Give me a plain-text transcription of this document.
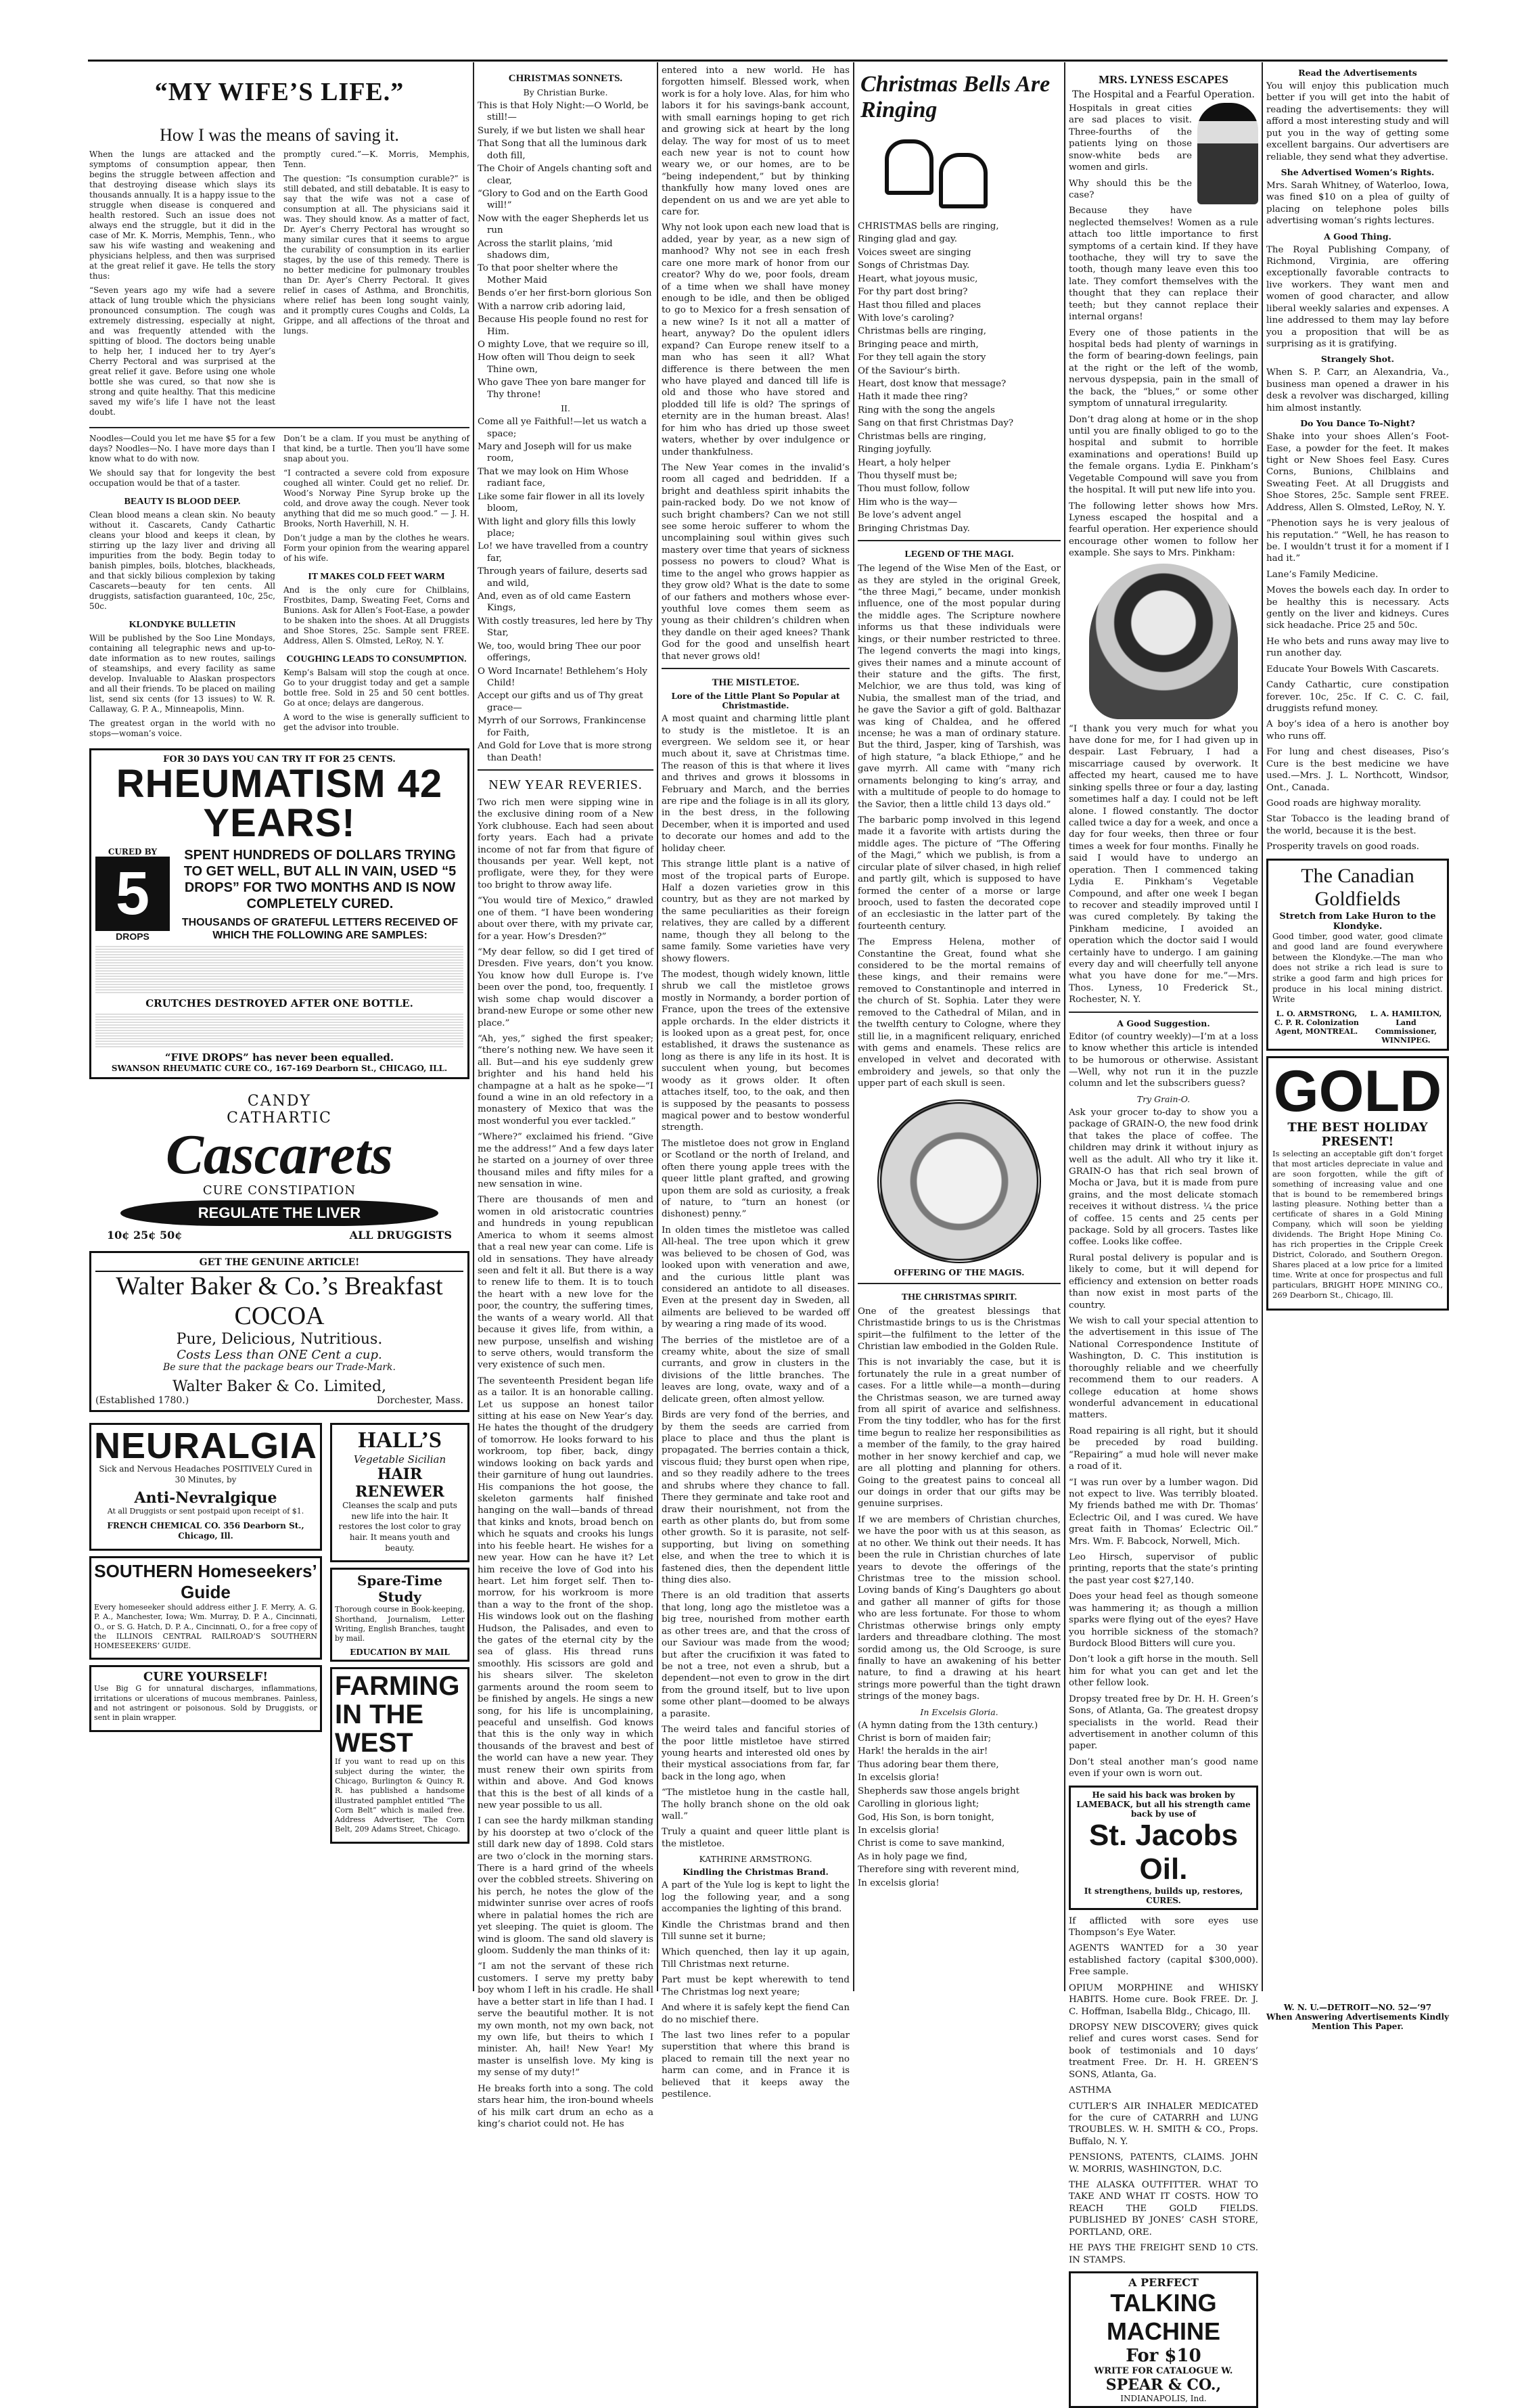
“MY WIFE’S LIFE.”
How I was the means of saving it.

When the lungs are attacked and the symptoms of consumption appear, then begins the struggle between affection and that destroying disease which slays its thousands annually. It is a happy issue to the struggle when disease is conquered and health restored. Such an issue does not always end the struggle, but it did in the case of Mr. K. Morris, Memphis, Tenn., who saw his wife wasting and weakening and physicians helpless, and then was surprised at the great relief it gave. He tells the story thus:

“Seven years ago my wife had a severe attack of lung trouble which the physicians pronounced consumption. The cough was extremely distressing, especially at night, and was frequently attended with the spitting of blood. The doctors being unable to help her, I induced her to try Ayer’s Cherry Pectoral and was surprised at the great relief it gave. Before using one whole bottle she was cured, so that now she is strong and quite healthy. That this medicine saved my wife’s life I have not the least doubt.

promptly cured.”—K. Morris, Memphis, Tenn.

The question: “Is consumption curable?” is still debated, and still debatable. It is easy to say that the wife was not a case of consumption at all. The physicians said it was. They should know. As a matter of fact, Dr. Ayer’s Cherry Pectoral has wrought so many similar cures that it seems to argue the curability of consumption in its earlier stages, by the use of this remedy. There is no better medicine for pulmonary troubles than Dr. Ayer’s Cherry Pectoral. It gives relief in cases of Asthma, and Bronchitis, where relief has been long sought vainly, and it promptly cures Coughs and Colds, La Grippe, and all affections of the throat and lungs.

Noodles—Could you let me have $5 for a few days? Noodles—No. I have more days than I know what to do with now.

We should say that for longevity the best occupation would be that of a taster.

BEAUTY IS BLOOD DEEP.

Clean blood means a clean skin. No beauty without it. Cascarets, Candy Cathartic cleans your blood and keeps it clean, by stirring up the lazy liver and driving all impurities from the body. Begin today to banish pimples, boils, blotches, blackheads, and that sickly bilious complexion by taking Cascarets—beauty for ten cents. All druggists, satisfaction guaranteed, 10c, 25c, 50c.

KLONDYKE BULLETIN

Will be published by the Soo Line Mondays, containing all telegraphic news and up-to-date information as to new routes, sailings of steamships, and every facility as same develop. Invaluable to Alaskan prospectors and all their friends. To be placed on mailing list, send six cents (for 13 issues) to W. R. Callaway, G. P. A., Minneapolis, Minn.

The greatest organ in the world with no stops—woman’s voice.

Don’t be a clam. If you must be anything of that kind, be a turtle. Then you’ll have some snap about you.

“I contracted a severe cold from exposure coughed all winter. Could get no relief. Dr. Wood’s Norway Pine Syrup broke up the cold, and drove away the cough. Never took anything that did me so much good.” — J. H. Brooks, North Haverhill, N. H.

Don’t judge a man by the clothes he wears. Form your opinion from the wearing apparel of his wife.

IT MAKES COLD FEET WARM

And is the only cure for Chilblains, Frostbites, Damp, Sweating Feet, Corns and Bunions. Ask for Allen’s Foot-Ease, a powder to be shaken into the shoes. At all Druggists and Shoe Stores, 25c. Sample sent FREE. Address, Allen S. Olmsted, LeRoy, N. Y.

COUGHING LEADS TO CONSUMPTION.

Kemp’s Balsam will stop the cough at once. Go to your druggist today and get a sample bottle free. Sold in 25 and 50 cent bottles. Go at once; delays are dangerous.

A word to the wise is generally sufficient to get the advisor into trouble.

FOR 30 DAYS YOU CAN TRY IT FOR 25 CENTS.
RHEUMATISM 42 YEARS!
CURED BY
5
DROPS
SPENT HUNDREDS OF DOLLARS TRYING TO GET WELL, BUT ALL IN VAIN, USED “5 DROPS” FOR TWO MONTHS AND IS NOW COMPLETELY CURED.
THOUSANDS OF GRATEFUL LETTERS RECEIVED OF WHICH THE FOLLOWING ARE SAMPLES:
CRUTCHES DESTROYED AFTER ONE BOTTLE.
“FIVE DROPS” has never been equalled.
SWANSON RHEUMATIC CURE CO., 167-169 Dearborn St., CHICAGO, ILL.
CANDY
CATHARTIC
Cascarets
CURE CONSTIPATION
REGULATE THE LIVER
10¢ 25¢ 50¢	ALL DRUGGISTS
GET THE GENUINE ARTICLE!
Walter Baker & Co.’s Breakfast COCOA
Pure, Delicious, Nutritious.
Costs Less than ONE Cent a cup.
Be sure that the package bears our Trade-Mark.
Walter Baker & Co. Limited,
(Established 1780.)	Dorchester, Mass.
NEURALGIA

Sick and Nervous Headaches POSITIVELY Cured in 30 Minutes, by

Anti-Nevralgique

At all Druggists or sent postpaid upon receipt of $1.

FRENCH CHEMICAL CO. 356 Dearborn St., Chicago, Ill.

SOUTHERN Homeseekers’ Guide

Every homeseeker should address either J. F. Merry, A. G. P. A., Manchester, Iowa; Wm. Murray, D. P. A., Cincinnati, O., or S. G. Hatch, D. P. A., Cincinnati, O., for a free copy of the ILLINOIS CENTRAL RAILROAD’S SOUTHERN HOMESEEKERS’ GUIDE.

CURE YOURSELF!

Use Big G for unnatural discharges, inflammations, irritations or ulcerations of mucous membranes. Painless, and not astringent or poisonous. Sold by Druggists, or sent in plain wrapper.

HALL’S
Vegetable Sicilian
HAIR RENEWER

Cleanses the scalp and puts new life into the hair. It restores the lost color to gray hair. It means youth and beauty.

Spare-Time Study

Thorough course in Book-keeping, Shorthand, Journalism, Letter Writing, English Branches, taught by mail.

EDUCATION BY MAIL
FARMING IN THE WEST

If you want to read up on this subject during the winter, the Chicago, Burlington & Quincy R. R. has published a handsome illustrated pamphlet entitled “The Corn Belt” which is mailed free. Address Advertiser, The Corn Belt, 209 Adams Street, Chicago.

CHRISTMAS SONNETS.
By Christian Burke.

This is that Holy Night:—O World, be still!—

Surely, if we but listen we shall hear

That Song that all the luminous dark doth fill,

The Choir of Angels chanting soft and clear,

“Glory to God and on the Earth Good will!”

Now with the eager Shepherds let us run

Across the starlit plains, ’mid shadows dim,

To that poor shelter where the Mother Maid

Bends o’er her first-born glorious Son

With a narrow crib adoring laid,

Because His people found no rest for Him.

O mighty Love, that we require so ill,

How often will Thou deign to seek Thine own,

Who gave Thee yon bare manger for Thy throne!

II.

Come all ye Faithful!—let us watch a space;

Mary and Joseph will for us make room,

That we may look on Him Whose radiant face,

Like some fair flower in all its lovely bloom,

With light and glory fills this lowly place;

Lo! we have travelled from a country far,

Through years of failure, deserts sad and wild,

And, even as of old came Eastern Kings,

With costly treasures, led here by Thy Star,

We, too, would bring Thee our poor offerings,

O Word Incarnate! Bethlehem’s Holy Child!

Accept our gifts and us of Thy great grace—

Myrrh of our Sorrows, Frankincense for Faith,

And Gold for Love that is more strong than Death!

NEW YEAR REVERIES.

Two rich men were sipping wine in the exclusive dining room of a New York clubhouse. Each had seen about forty years. Each had a private income of not far from that figure of thousands per year. Well kept, not profligate, were they, for they were too bright to throw away life.

“You would tire of Mexico,” drawled one of them. “I have been wondering about over there, with my private car, for a year. How’s Dresden?”

“My dear fellow, so did I get tired of Dresden. Five years, don’t you know. You know how dull Europe is. I’ve been over the pond, too, frequently. I wish some chap would discover a brand-new Europe or some other new place.”

“Ah, yes,” sighed the first speaker; “there’s nothing new. We have seen it all. But—and his eye suddenly grew brighter and his hand held his champagne at a halt as he spoke—“I found a wine in an old refectory in a monastery of Mexico that was the most wonderful you ever tackled.”

“Where?” exclaimed his friend. “Give me the address!” And a few days later he started on a journey of over three thousand miles and fifty miles for a new sensation in wine.

There are thousands of men and women in old aristocratic countries and hundreds in young republican America to whom it seems almost that a real new year can come. Life is old in sensations. They have already seen and felt it all. But there is a way to renew life to them. It is to touch the heart with a new love for the poor, the country, the suffering times, the wants of a weary world. All that because it gives life, from within, a new purpose, unselfish and wishing to serve others, would transform the very existence of such men.

The seventeenth President began life as a tailor. It is an honorable calling. Let us suppose an honest tailor sitting at his ease on New Year’s day. He hates the thought of the drudgery of tomorrow. He looks forward to his workroom, top fiber, back, dingy windows looking on back yards and their garniture of hung out laundries. His companions the hot goose, the skeleton garments half finished hanging on the wall—bands of thread that kinks and knots, broad bench on which he squats and crooks his lungs into his feeble heart. He wishes for a new year. How can he have it? Let him receive the love of God into his heart. Let him forget self. Then to-morrow, for his workroom is more than a way to the front of the shop. His windows look out on the flashing Hudson, the Palisades, and even to the gates of the eternal city by the sea of glass. His thread runs smoothly. His scissors are gold and his shears silver. The skeleton garments around the room seem to be finished by angels. He sings a new song, for his life is uncomplaining, peaceful and unselfish. God knows that this is the only way in which thousands of the bravest and best of the world can have a new year. They must renew their own spirits from within and above. And God knows that this is the best of all kinds of a new year possible to us all.

I can see the hardy milkman standing by his doorstep at two o’clock of the still dark new day of 1898. Cold stars are two o’clock in the morning stars. There is a hard grind of the wheels over the cobbled streets. Shivering on his perch, he notes the glow of the midwinter sunrise over acres of roofs where in palatial homes the rich are yet sleeping. The quiet is gloom. The wind is gloom. The sand old slavery is gloom. Suddenly the man thinks of it:

“I am not the servant of these rich customers. I serve my pretty baby boy whom I left in his cradle. He shall have a better start in life than I had. I serve the beautiful mother. It is not my own month, not my own back, not my own life, but theirs to which I minister. Ah, hail! New Year! My master is unselfish love. My king is my sense of my duty!”

He breaks forth into a song. The cold stars hear him, the iron-bound wheels of his milk cart drum an echo as a king’s chariot could not. He has

entered into a new world. He has forgotten himself. Blessed work, when work is for a holy love. Alas, for him who labors it for his savings-bank account, with small earnings hoping to get rich and growing sick at heart by the long delay. The way for most of us to meet each new year is not to count how weary we, or our homes, are to be “being independent,” but by thinking thankfully how many loved ones are dependent on us and we are yet able to care for.

Why not look upon each new load that is added, year by year, as a new sign of manhood? Why not see in each fresh care one more mark of honor from our creator? Why do we, poor fools, dream of a time when we shall have money enough to be idle, and then be obliged to go to Mexico for a fresh sensation of a new wine? Is it not all a matter of heart, anyway? Do the opulent idlers expand? Can Europe renew itself to a man who has seen it all? What difference is there between the men who have played and danced till life is old and those who have stored and plodded till life is old? The springs of eternity are in the human breast. Alas! for him who has dried up those sweet waters, whether by over indulgence or under thankfulness.

The New Year comes in the invalid’s room all caged and bedridden. If a bright and deathless spirit inhabits the pain-racked body. Do we not know of such bright chambers? Can we not still see some heroic sufferer to whom the uncomplaining soul within gives such mastery over time that years of sickness possess no powers to cloud? What is time to the angel who grows happier as they grow old? What is the date to some of our fathers and mothers whose ever-youthful love comes them seem as young as their children’s children when they dandle on their aged knees? Thank God for the good and unselfish heart that never grows old!

THE MISTLETOE.
Lore of the Little Plant So Popular at Christmastide.

A most quaint and charming little plant to study is the mistletoe. It is an evergreen. We seldom see it, or hear much about it, save at Christmas time. The reason of this is that where it lives and thrives and grows it blossoms in February and March, and the berries are ripe and the foliage is in all its glory, in the best dress, in the following December, when it is imported and used to decorate our homes and add to the holiday cheer.

This strange little plant is a native of most of the tropical parts of Europe. Half a dozen varieties grow in this country, but as they are not marked by the same peculiarities as their foreign relatives, they are called by a different name, though they all belong to the same family. Some varieties have very showy flowers.

The modest, though widely known, little shrub we call the mistletoe grows mostly in Normandy, a border portion of France, upon the trees of the extensive apple orchards. In the elder districts it is looked upon as a great pest, for, once established, it draws the sustenance as long as there is any life in its host. It is succulent when young, but becomes woody as it grows older. It often attaches itself, too, to the oak, and then is supposed by the peasants to possess magical power and to bestow wonderful strength.

The mistletoe does not grow in England or Scotland or the north of Ireland, and often there young apple trees with the queer little plant grafted, and growing upon them are sold as curiosity, a freak of nature, to “turn an honest (or dishonest) penny.”

In olden times the mistletoe was called All-heal. The tree upon which it grew was believed to be chosen of God, was looked upon with veneration and awe, and the curious little plant was considered an antidote to all diseases. Even at the present day in Sweden, all ailments are believed to be warded off by wearing a ring made of its wood.

The berries of the mistletoe are of a creamy white, about the size of small currants, and grow in clusters in the divisions of the little branches. The leaves are long, ovate, waxy and of a delicate green, often almost yellow.

Birds are very fond of the berries, and by them the seeds are carried from place to place and thus the plant is propagated. The berries contain a thick, viscous fluid; they burst open when ripe, and so they readily adhere to the trees and shrubs where they chance to fall. There they germinate and take root and draw their nourishment, not from the earth as other plants do, but from some other growth. So it is parasite, not self-supporting, but living on something else, and when the tree to which it is fastened dies, then the dependent little thing dies also.

There is an old tradition that asserts that long, long ago the mistletoe was a big tree, nourished from mother earth as other trees are, and that the cross of our Saviour was made from the wood; but after the crucifixion it was fated to be not a tree, not even a shrub, but a dependent—not even to grow in the dirt from the ground itself, but to live upon some other plant—doomed to be always a parasite.

The weird tales and fanciful stories of the poor little mistletoe have stirred young hearts and interested old ones by their mystical associations from far, far back in the long ago, when

“The mistletoe hung in the castle hall, The holly branch shone on the old oak wall.”

Truly a quaint and queer little plant is the mistletoe.

KATHRINE ARMSTRONG.
Kindling the Christmas Brand.

A part of the Yule log is kept to light the log the following year, and a song accompanies the lighting of this brand.

Kindle the Christmas brand and then Till sunne set it burne;

Which quenched, then lay it up again, Till Christmas next returne.

Part must be kept wherewith to tend The Christmas log next yeare;

And where it is safely kept the fiend Can do no mischief there.

The last two lines refer to a popular superstition that where this brand is placed to remain till the next year no harm can come, and in France it is believed that it keeps away the pestilence.

Christmas Bells Are Ringing

CHRISTMAS bells are ringing,

Ringing glad and gay.

Voices sweet are singing

Songs of Christmas Day.

Heart, what joyous music,

For thy part dost bring?

Hast thou filled and places

With love’s caroling?

Christmas bells are ringing,

Bringing peace and mirth,

For they tell again the story

Of the Saviour’s birth.

Heart, dost know that message?

Hath it made thee ring?

Ring with the song the angels

Sang on that first Christmas Day?

Christmas bells are ringing,

Ringing joyfully.

Heart, a holy helper

Thou thyself must be;

Thou must follow, follow

Him who is the way—

Be love’s advent angel

Bringing Christmas Day.

LEGEND OF THE MAGI.

The legend of the Wise Men of the East, or as they are styled in the original Greek, “the three Magi,” became, under monkish influence, one of the most popular during the middle ages. The Scripture nowhere informs us that these individuals were kings, or their number restricted to three. The legend converts the magi into kings, gives their names and a minute account of their stature and the gifts. The first, Melchior, we are thus told, was king of Nubia, the smallest man of the triad, and he gave the Savior a gift of gold. Balthazar was king of Chaldea, and he offered incense; he was a man of ordinary stature. But the third, Jasper, king of Tarshish, was of high stature, “a black Ethiope,” and he gave myrrh. All came with “many rich ornaments belonging to king’s array, and with a multitude of people to do homage to the Savior, then a little child 13 days old.”

The barbaric pomp involved in this legend made it a favorite with artists during the middle ages. The picture of “The Offering of the Magi,” which we publish, is from a circular plate of silver chased, in high relief and partly gilt, which is supposed to have formed the center of a morse or large brooch, used to fasten the decorated cope of an ecclesiastic in the latter part of the fourteenth century.

The Empress Helena, mother of Constantine the Great, found what she considered to be the mortal remains of these kings, and their remains were removed to Constantinople and interred in the church of St. Sophia. Later they were removed to the Cathedral of Milan, and in the twelfth century to Cologne, where they still lie, in a magnificent reliquary, enriched with gems and enamels. These relics are enveloped in velvet and decorated with embroidery and jewels, so that only the upper part of each skull is seen.

OFFERING OF THE MAGIS.
THE CHRISTMAS SPIRIT.

One of the greatest blessings that Christmastide brings to us is the Christmas spirit—the fulfilment to the letter of the Christian law embodied in the Golden Rule.

This is not invariably the case, but it is fortunately the rule in a great number of cases. For a little while—a month—during the Christmas season, we are turned away from all spirit of avarice and selfishness. From the tiny toddler, who has for the first time begun to realize her responsibilities as a member of the family, to the gray haired mother in her snowy kerchief and cap, we are all plotting and planning for others. Going to the greatest pains to conceal all our doings in order that our gifts may be genuine surprises.

If we are members of Christian churches, we have the poor with us at this season, as at no other. We think out their needs. It has been the rule in Christian churches of late years to devote the offerings of the Christmas tree to the mission school. Loving bands of King’s Daughters go about and gather all manner of gifts for those who are less fortunate. For those to whom Christmas otherwise brings only empty larders and threadbare clothing. The most sordid among us, the Old Scrooge, is sure finally to have an awakening of his better nature, to find a drawing at his heart strings more powerful than the tight drawn strings of the money bags.

In Excelsis Gloria.

(A hymn dating from the 13th century.)

Christ is born of maiden fair;

Hark! the heralds in the air!

Thus adoring bear them there,

In excelsis gloria!

Shepherds saw those angels bright

Carolling in glorious light;

God, His Son, is born tonight,

In excelsis gloria!

Christ is come to save mankind,

As in holy page we find,

Therefore sing with reverent mind,

In excelsis gloria!

MRS. LYNESS ESCAPES
The Hospital and a Fearful Operation.

Hospitals in great cities are sad places to visit. Three-fourths of the patients lying on those snow-white beds are women and girls.

Why should this be the case?

Because they have neglected themselves! Women as a rule attach too little importance to first symptoms of a certain kind. If they have toothache, they will try to save the tooth, though many leave even this too late. They comfort themselves with the thought that they can replace their teeth; but they cannot replace their internal organs!

Every one of those patients in the hospital beds had plenty of warnings in the form of bearing-down feelings, pain at the right or the left of the womb, nervous dyspepsia, pain in the small of the back, the “blues,” or some other symptom of unnatural irregularity.

Don’t drag along at home or in the shop until you are finally obliged to go to the hospital and submit to horrible examinations and operations! Build up the female organs. Lydia E. Pinkham’s Vegetable Compound will save you from the hospital. It will put new life into you.

The following letter shows how Mrs. Lyness escaped the hospital and a fearful operation. Her experience should encourage other women to follow her example. She says to Mrs. Pinkham:

“I thank you very much for what you have done for me, for I had given up in despair. Last February, I had a miscarriage caused by overwork. It affected my heart, caused me to have sinking spells three or four a day, lasting sometimes half a day. I could not be left alone. I flowed constantly. The doctor called twice a day for a week, and once a day for four weeks, then three or four times a week for four months. Finally he said I would have to undergo an operation. Then I commenced taking Lydia E. Pinkham’s Vegetable Compound, and after one week I began to recover and steadily improved until I was cured completely. By taking the Pinkham medicine, I avoided an operation which the doctor said I would certainly have to undergo. I am gaining every day and will cheerfully tell anyone what you have done for me.”—Mrs. Thos. Lyness, 10 Frederick St., Rochester, N. Y.

A Good Suggestion.

Editor (of country weekly)—I’m at a loss to know whether this article is intended to be humorous or otherwise. Assistant—Well, why not run it in the puzzle column and let the subscribers guess?

Try Grain-O.

Ask your grocer to-day to show you a package of GRAIN-O, the new food drink that takes the place of coffee. The children may drink it without injury as well as the adult. All who try it like it. GRAIN-O has that rich seal brown of Mocha or Java, but it is made from pure grains, and the most delicate stomach receives it without distress. ¼ the price of coffee. 15 cents and 25 cents per package. Sold by all grocers. Tastes like coffee. Looks like coffee.

Rural postal delivery is popular and is likely to come, but it will depend for efficiency and extension on better roads than now exist in most parts of the country.

We wish to call your special attention to the advertisement in this issue of The National Correspondence Institute of Washington, D. C. This institution is thoroughly reliable and we cheerfully recommend them to our readers. A college education at home shows wonderful advancement in educational matters.

Road repairing is all right, but it should be preceded by road building. “Repairing” a mud hole will never make a road of it.

“I was run over by a lumber wagon. Did not expect to live. Was terribly bloated. My friends bathed me with Dr. Thomas’ Eclectric Oil, and I was cured. We have great faith in Thomas’ Eclectric Oil.” Mrs. Wm. F. Babcock, Norwell, Mich.

Leo Hirsch, supervisor of public printing, reports that the state’s printing the past year cost $27,140.

Does your head feel as though someone was hammering it; as though a million sparks were flying out of the eyes? Have you horrible sickness of the stomach? Burdock Blood Bitters will cure you.

Don’t look a gift horse in the mouth. Sell him for what you can get and let the other fellow look.

Dropsy treated free by Dr. H. H. Green’s Sons, of Atlanta, Ga. The greatest dropsy specialists in the world. Read their advertisement in another column of this paper.

Don’t steal another man’s good name even if your own is worn out.

He said his back was broken by LAMEBACK, but all his strength came back by use of
St. Jacobs Oil.
It strengthens, builds up, restores, CURES.

If afflicted with sore eyes use Thompson’s Eye Water.

AGENTS WANTED for a 30 year established factory (capital $300,000). Free sample.

OPIUM MORPHINE and WHISKY HABITS. Home cure. Book FREE. Dr. J. C. Hoffman, Isabella Bldg., Chicago, Ill.

DROPSY NEW DISCOVERY; gives quick relief and cures worst cases. Send for book of testimonials and 10 days’ treatment Free. Dr. H. H. GREEN’S SONS, Atlanta, Ga.

ASTHMA

CUTLER’S AIR INHALER MEDICATED for the cure of CATARRH and LUNG TROUBLES. W. H. SMITH & CO., Props. Buffalo, N. Y.

PENSIONS, PATENTS, CLAIMS. JOHN W. MORRIS, WASHINGTON, D.C.

THE ALASKA OUTFITTER. WHAT TO TAKE AND WHAT IT COSTS. HOW TO REACH THE GOLD FIELDS. PUBLISHED BY JONES’ CASH STORE, PORTLAND, ORE.

HE PAYS THE FREIGHT SEND 10 CTS. IN STAMPS.

A PERFECT
TALKING MACHINE
For $10
WRITE FOR CATALOGUE W.
SPEAR & CO.,
INDIANAPOLIS, Ind.
Read the Advertisements

You will enjoy this publication much better if you will get into the habit of reading the advertisements: they will afford a most interesting study and will put you in the way of getting some excellent bargains. Our advertisers are reliable, they send what they advertise.

She Advertised Women’s Rights.

Mrs. Sarah Whitney, of Waterloo, Iowa, was fined $10 on a plea of guilty of placing on telephone poles bills advertising woman’s rights lectures.

A Good Thing.

The Royal Publishing Company, of Richmond, Virginia, are offering exceptionally favorable contracts to live workers. They want men and women of good character, and allow liberal weekly salaries and expenses. A line addressed to them may lay before you a proposition that will be as surprising as it is gratifying.

Strangely Shot.

When S. P. Carr, an Alexandria, Va., business man opened a drawer in his desk a revolver was discharged, killing him almost instantly.

Do You Dance To-Night?

Shake into your shoes Allen’s Foot-Ease, a powder for the feet. It makes tight or New Shoes feel Easy. Cures Corns, Bunions, Chilblains and Sweating Feet. At all Druggists and Shoe Stores, 25c. Sample sent FREE. Address, Allen S. Olmsted, LeRoy, N. Y.

“Phenotion says he is very jealous of his reputation.” “Well, he has reason to be. I wouldn’t trust it for a moment if I had it.”

Lane’s Family Medicine.

Moves the bowels each day. In order to be healthy this is necessary. Acts gently on the liver and kidneys. Cures sick headache. Price 25 and 50c.

He who bets and runs away may live to run another day.

Educate Your Bowels With Cascarets.

Candy Cathartic, cure constipation forever. 10c, 25c. If C. C. C. fail, druggists refund money.

A boy’s idea of a hero is another boy who runs off.

For lung and chest diseases, Piso’s Cure is the best medicine we have used.—Mrs. J. L. Northcott, Windsor, Ont., Canada.

Good roads are highway morality.

Star Tobacco is the leading brand of the world, because it is the best.

Prosperity travels on good roads.

The Canadian Goldfields
Stretch from Lake Huron to the Klondyke.

Good timber, good water, good climate and good land are found everywhere between the Klondyke.—The man who does not strike a rich lead is sure to strike a good farm and high prices for produce in his local mining district. Write

L. O. ARMSTRONG, C. P. R. Colonization Agent, MONTREAL.
L. A. HAMILTON, Land Commissioner, WINNIPEG.
GOLD
THE BEST HOLIDAY PRESENT!

Is selecting an acceptable gift don’t forget that most articles depreciate in value and are soon forgotten, while the gift of something of increasing value and one that is bound to be remembered brings lasting pleasure. Nothing better than a certificate of shares in a Gold Mining Company, which will soon be yielding dividends. The Bright Hope Mining Co. has rich properties in the Cripple Creek District, Colorado, and Southern Oregon. Shares placed at a low price for a limited time. Write at once for prospectus and full particulars, BRIGHT HOPE MINING CO., 269 Dearborn St., Chicago, Ill.

W. N. U.—DETROIT—NO. 52—’97
When Answering Advertisements Kindly Mention This Paper.
